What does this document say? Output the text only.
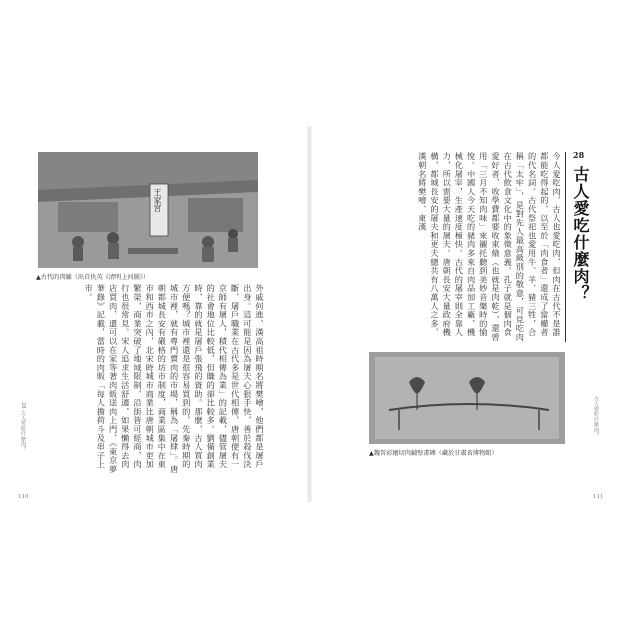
王家宮
▲古代的肉舖（出自仇英《清明上河圖》）
外戚何進、漢高祖時期名將樊噲，他們都是屠戶出身。這可能是因為屠夫心狠手快，善於殺伐決斷，屠戶職業在古代多是世代相傳，唐朝便有一京師有屠人，積代相傳為業」的記載，儘管屠夫的社會地位比較低，但賺的卻比較多。劉備創業時，靠的就是屠戶張飛的資助。那麼，古人買肉方便嗎？城市裡還是很容易買到的，先秦時期的城市裡，就有專門賣肉的市場，稱為「屠肆」。唐朝都城長安有嚴格的坊市制度，商業區集中在東市和西市之內，北宋時城市商業比唐朝城市更加繁榮，商業突破了地域限制，沿街皆可經商，肉行也很常見。宋人追求生活舒適，如果懶得去肉店買肉，還可以在家等著肉販送肉上門，《東京夢華錄》記載，當時的肉販「每人擔荷斗及串子上市。
28 古人愛吃什麼肉？
110
今人愛吃肉，古人也愛吃肉，但肉在古代不是誰都能吃得起的，以至於「肉食者」還成了當權者的代名詞。古代祭祀也愛用牛、羊、豬三牲，合稱「太牢」，是對先人最高級別的敬意，可見吃肉在古代飲食文化中的象徵意義。孔子就是個肉食愛好者，收學費都要收束脩（也就是肉乾），還曾用「三月不知肉味」來襯托聽到美妙音樂時的愉悅。中國人今天吃的豬肉多來自肉品加工廠，機械化屠宰，生產速度極快。古代的屠宰則全靠人力，所以需要大量的屠夫。唐朝長安大量政府機構，都城長安的屠夫和更夫總共有八萬人之多，漢朝名將樊噲、東漢	28
古人愛吃什麼肉？
▲魏晉彩繪切肉鋪壁畫磚（藏於甘肅省博物館）
古人愛吃什麼肉？
111
